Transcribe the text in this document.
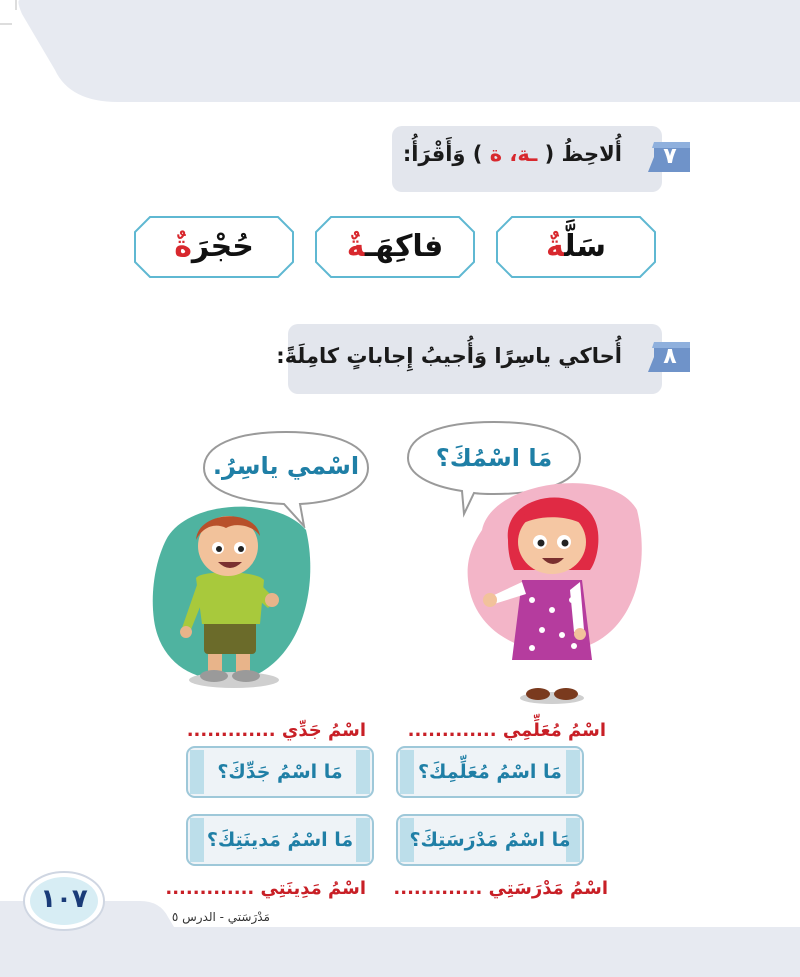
أُلاحِظُ ( ـة، ة ) وَأَقْرَأُ:	٧
سَلَّةٌ
فاكِهَـةٌ
حُجْرَةٌ
أُحاكي ياسِرًا وَأُجيبُ إِجاباتٍ كامِلَةً:	٨
مَا اسْمُكَ؟
اسْمي ياسِرُ.
اسْمُ مُعَلِّمِي .............
اسْمُ جَدِّي .............
مَا اسْمُ مُعَلِّمِكَ؟
مَا اسْمُ جَدِّكَ؟
مَا اسْمُ مَدْرَسَتِكَ؟
مَا اسْمُ مَدينَتِكَ؟
اسْمُ مَدْرَسَتِي .............
اسْمُ مَدِينَتِي .............
١٠٧
مَدْرَسَتي - الدرس ٥
